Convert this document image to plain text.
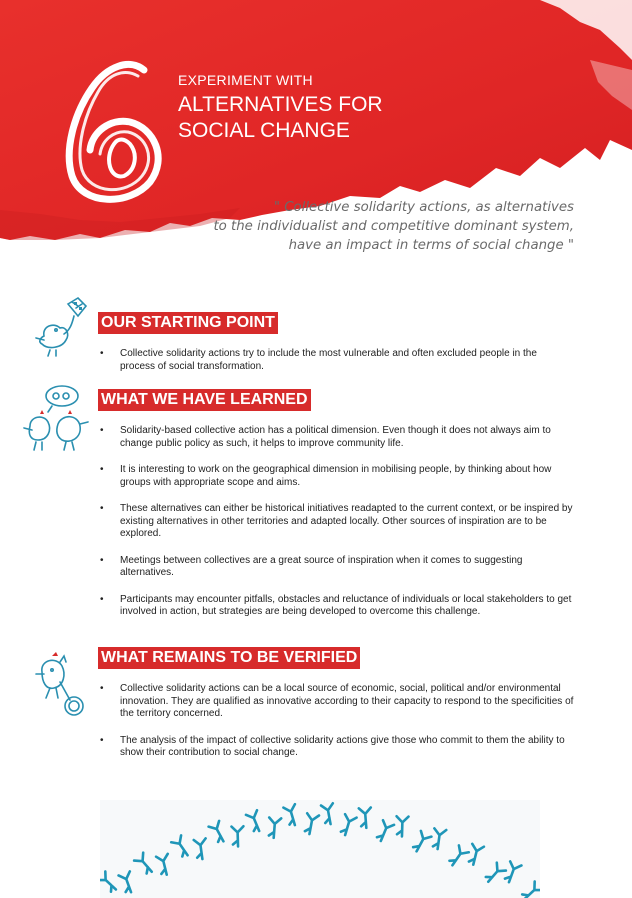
EXPERIMENT WITH
ALTERNATIVES FOR
SOCIAL CHANGE
" Collective solidarity actions, as alternatives
to the individualist and competitive dominant system,
have an impact in terms of social change "
OUR STARTING POINT
• Collective solidarity actions try to include the most vulnerable and often excluded people in the process of social transformation.
WHAT WE HAVE LEARNED
• Solidarity-based collective action has a political dimension. Even though it does not always aim to change public policy as such, it helps to improve community life.
• It is interesting to work on the geographical dimension in mobilising people, by thinking about how groups with appropriate scope and aims.
• These alternatives can either be historical initiatives readapted to the current context, or be inspired by existing alternatives in other territories and adapted locally. Other sources of inspiration are to be explored.
• Meetings between collectives are a great source of inspiration when it comes to suggesting alternatives.
• Participants may encounter pitfalls, obstacles and reluctance of individuals or local stakeholders to get involved in action, but strategies are being developed to overcome this challenge.
WHAT REMAINS TO BE VERIFIED
• Collective solidarity actions can be a local source of economic, social, political and/or environmental innovation. They are qualified as innovative according to their capacity to respond to the specificities of the territory concerned.
• The analysis of the impact of collective solidarity actions give those who commit to them the ability to show their contribution to social change.
